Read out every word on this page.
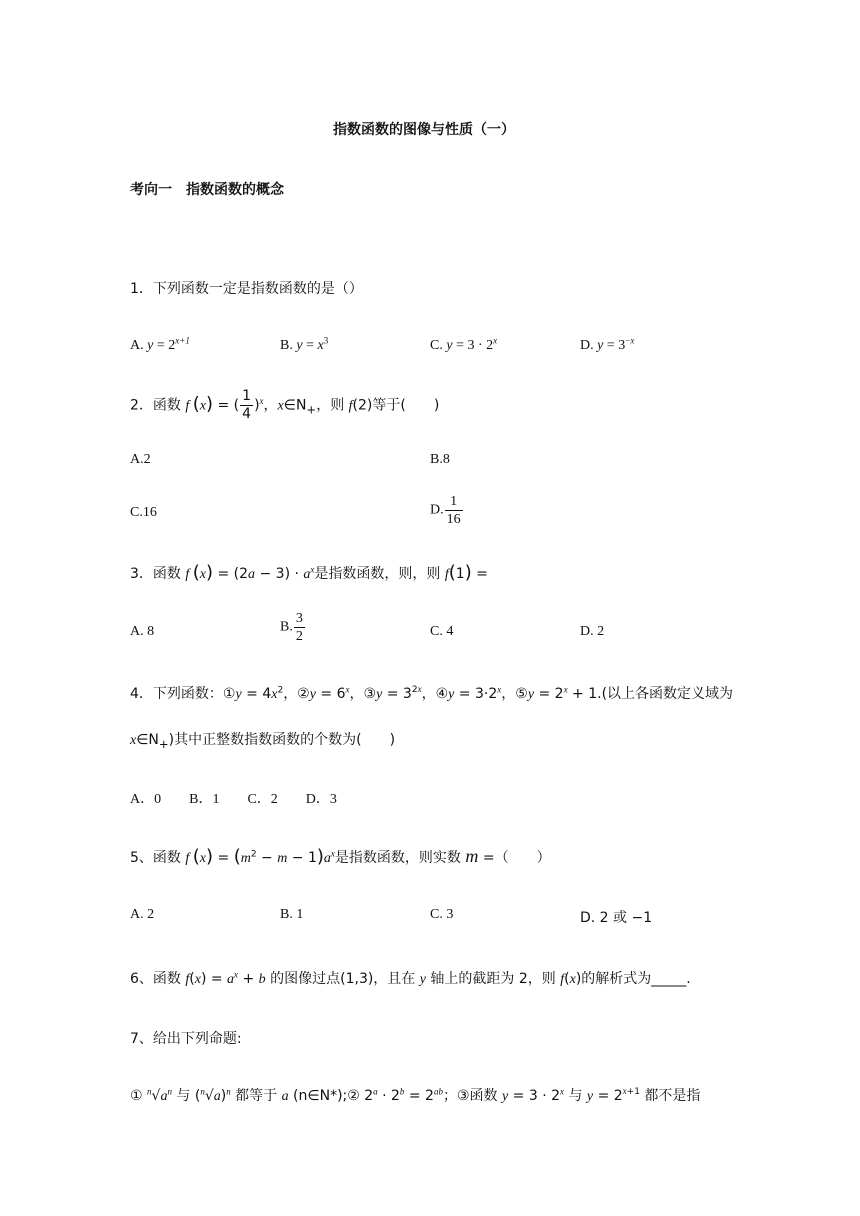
指数函数的图像与性质（一）
考向一　指数函数的概念
1．下列函数一定是指数函数的是（）
A. $y = 2^{x+1}$	B. $y = x^3$	C. $y = 3 \cdot 2^x$	D. $y = 3^{-x}$
2．函数 f (x) = ( $\frac{1}{4} )^x$，$x\in N_+$，则 f(2)等于(　　)
A.2	B.8
C.16	D. $\frac{1}{16}$
3．函数 f $(x) = (2a - 3) \cdot a^x$是指数函数，则，则 f(1) =
A. 8	B. $\frac{3}{2}$	C. 4	D. 2
4．下列函数：①y = $4x^2$，②y = $6^x$，③y = $3^{2x}$，④y = $3\cdot 2^x$，⑤y = $2^x + 1$.(以上各函数定义域为
$x\in N_+$)其中正整数指数函数的个数为(　　)
A．0　　B．1　　C．2　　D．3
5、函数 f $(x) = (m^2 - m - 1)a^x$是指数函数，则实数 m =（　　）
A. 2	B. 1	C. 3	D. 2 或 −1
6、函数 $f(x) = a^x + b$ 的图像过点(1,3)，且在 y 轴上的截距为 2，则 f(x)的解析式为_____.
7、给出下列命题:
① $^n√a^n$ 与 $(^n√a)^n$ 都等于 a (n∈N*);② $2^a \cdot 2^b = 2^{ab}$；③函数 $y = 3 \cdot 2^x$ 与 $y = 2^{x+1}$ 都不是指
